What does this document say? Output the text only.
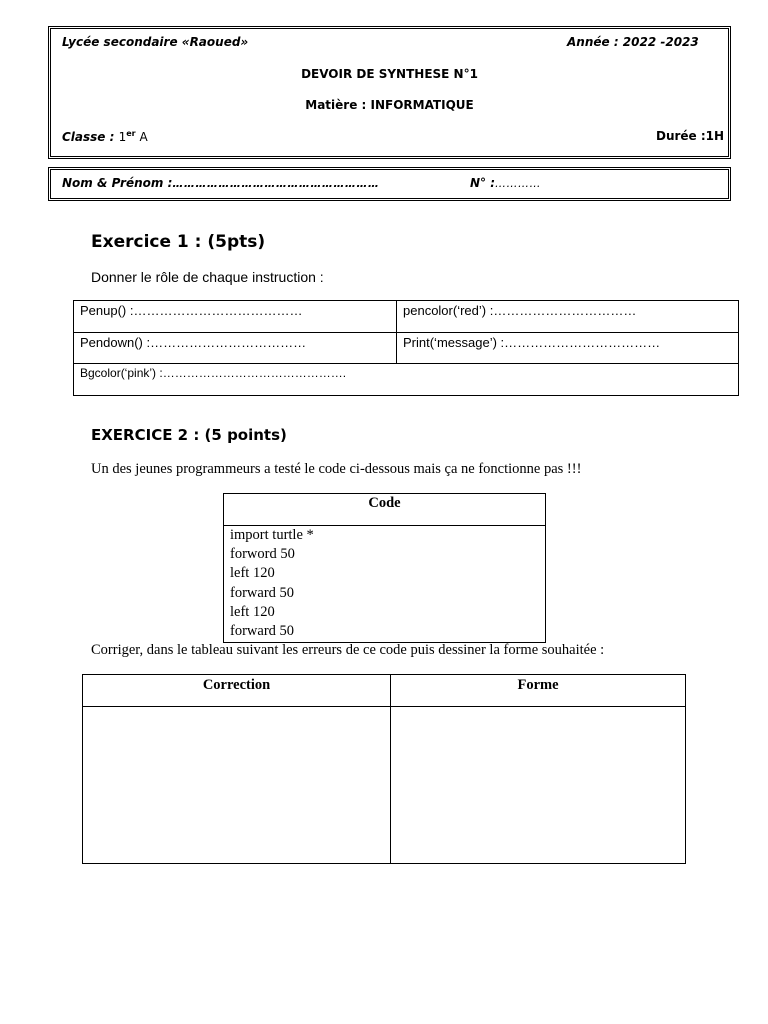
Lycée secondaire «Raoued»	Année : 2022 -2023
DEVOIR DE SYNTHESE N°1
Matière : INFORMATIQUE
Classe : 1er A	Durée :1H
Nom & Prénom :………………………………………………	N° :…………
Exercice 1 : (5pts)
Donner le rôle de chaque instruction :
Penup() :…………………………………	pencolor(‘red’) :……………………………
Pendown() :………………………………	Print(‘message’) :………………………………
Bgcolor(‘pink’) :……………………………………….	
EXERCICE 2 : (5 points)
Un des jeunes programmeurs a testé le code ci-dessous mais ça ne fonctionne pas !!!
Code

import turtle *
forword 50
left 120
forward 50
left 120
forward 50
Corriger, dans le tableau suivant les erreurs de ce code puis dessiner la forme souhaitée :
Correction	Forme
